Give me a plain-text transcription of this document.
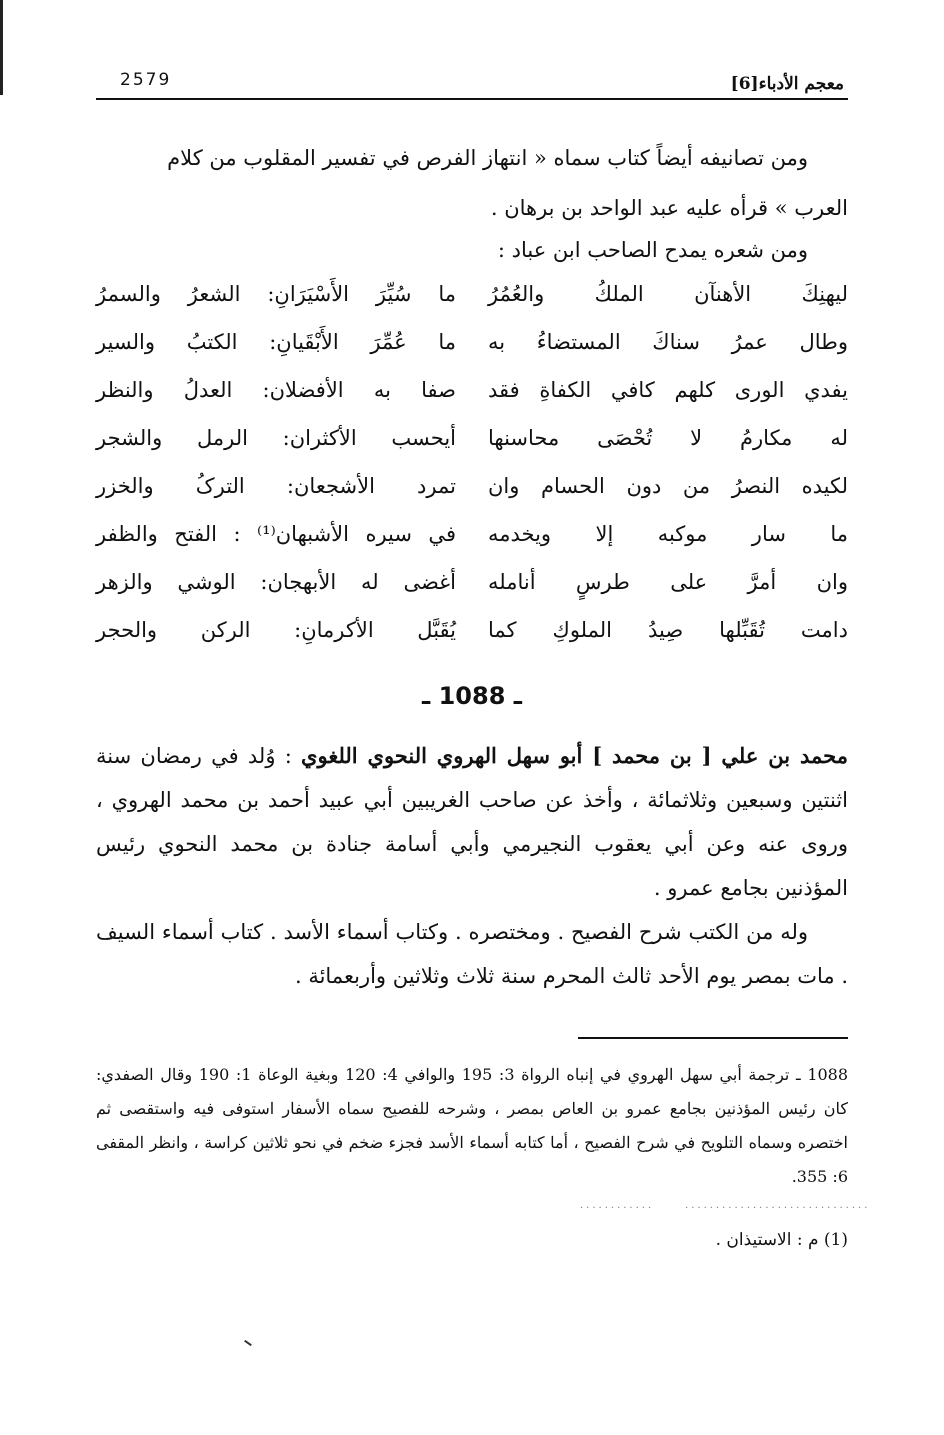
2579	معجم الأدباء[6]
ومن تصانيفه أيضاً كتاب سماه « انتهاز الفرص في تفسير المقلوب من كلام
العرب » قرأه عليه عبد الواحد بن برهان .
ومن شعره يمدح الصاحب ابن عباد :
ليهنِكَ الأهنآن الملكُ والعُمُرُ
ما سُيِّرَ الأَسْيَرَانِ: الشعرُ والسمرُ
وطال عمرُ سناكَ المستضاءُ به
ما عُمِّرَ الأَبْقَيانِ: الكتبُ والسير
يفدي الورى كلهم كافي الكفاةِ فقد
صفا به الأفضلان: العدلُ والنظر
له مكارمُ لا تُحْصَى محاسنها
أيحسب الأكثران: الرمل والشجر
لكيده النصرُ من دون الحسام وان
تمرد الأشجعان: الترکُ والخزر
ما سار موكبه إلا ويخدمه
في سيره الأشبهان⁽¹⁾ : الفتح والظفر
وان أمرَّ على طرسٍ أنامله
أغضى له الأبهجان: الوشي والزهر
دامت تُقَبِّلها صِيدُ الملوكِ كما
يُقَبَّل الأكرمانِ: الركن والحجر
ـ 1088 ـ

محمد بن علي [ بن محمد ] أبو سهل الهروي النحوي اللغوي : وُلد في رمضان سنة اثنتين وسبعين وثلاثمائة ، وأخذ عن صاحب الغريبين أبي عبيد أحمد بن محمد الهروي ، وروى عنه وعن أبي يعقوب النجيرمي وأبي أسامة جنادة بن محمد النحوي رئيس المؤذنين بجامع عمرو .

وله من الكتب شرح الفصيح . ومختصره . وكتاب أسماء الأسد . كتاب أسماء السيف . مات بمصر يوم الأحد ثالث المحرم سنة ثلاث وثلاثين وأربعمائة .

1088 ـ ترجمة أبي سهل الهروي في إنباه الرواة 3: 195 والوافي 4: 120 وبغية الوعاة 1: 190 وقال الصفدي: كان رئيس المؤذنين بجامع عمرو بن العاص بمصر ، وشرحه للفصيح سماه الأسفار استوفى فيه واستقصى ثم اختصره وسماه التلويح في شرح الفصيح ، أما كتابه أسماء الأسد فجزء ضخم في نحو ثلاثين كراسة ، وانظر المقفى 6: 355.

............     ..............................
(1) م : الاستيذان .
